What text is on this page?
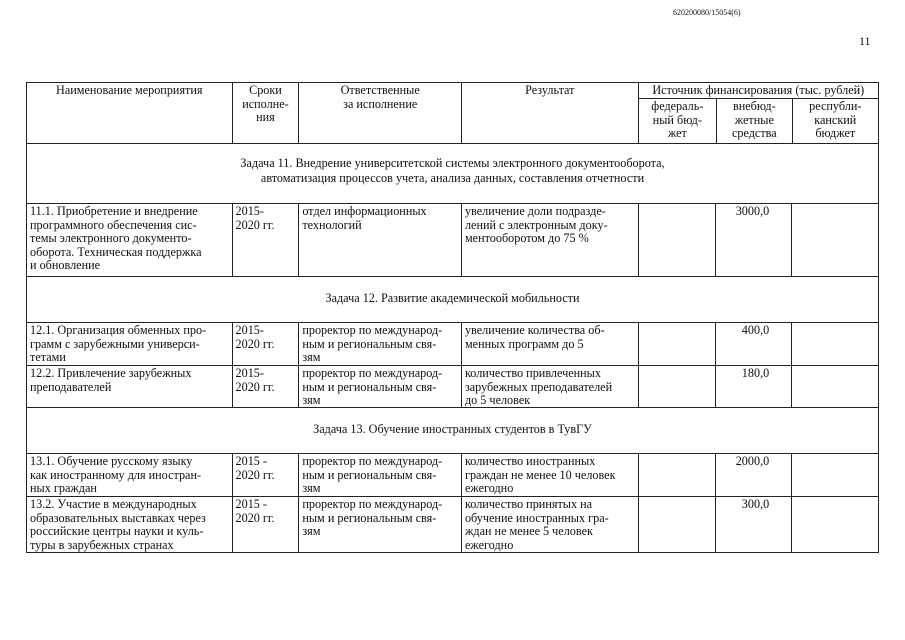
620200080/15054(6)
11
Наименование мероприятия	Сроки
исполне-
ния
Ответственные
за исполнение
Результат	Источник финансирования (тыс. рублей)
федераль-
ный бюд-
жет
внебюд-
жетные
средства
республи-
канский
бюджет
Задача 11. Внедрение университетской системы электронного документооборота,
автоматизация процессов учета, анализа данных, составления отчетности
11.1. Приобретение и внедрение
программного обеспечения сис-
темы электронного документо-
оборота. Техническая поддержка
и обновление
2015-
2020 гг.
отдел информационных
технологий
увеличение доли подразде-
лений с электронным доку-
ментооборотом до 75 %
3000,0
Задача 12. Развитие академической мобильности
12.1. Организация обменных про-
грамм с зарубежными универси-
тетами
2015-
2020 гг.
проректор по международ-
ным и региональным свя-
зям
увеличение количества об-
менных программ до 5
400,0
12.2. Привлечение зарубежных
преподавателей
2015-
2020 гг.
проректор по международ-
ным и региональным свя-
зям
количество привлеченных
зарубежных преподавателей
до 5 человек
180,0
Задача 13. Обучение иностранных студентов в ТувГУ
13.1. Обучение русскому языку
как иностранному для иностран-
ных граждан
2015 -
2020 гг.
проректор по международ-
ным и региональным свя-
зям
количество иностранных
граждан не менее 10 человек
ежегодно
2000,0
13.2. Участие в международных
образовательных выставках через
российские центры науки и куль-
туры в зарубежных странах
2015 -
2020 гг.
проректор по международ-
ным и региональным свя-
зям
количество принятых на
обучение иностранных гра-
ждан не менее 5 человек
ежегодно
300,0
